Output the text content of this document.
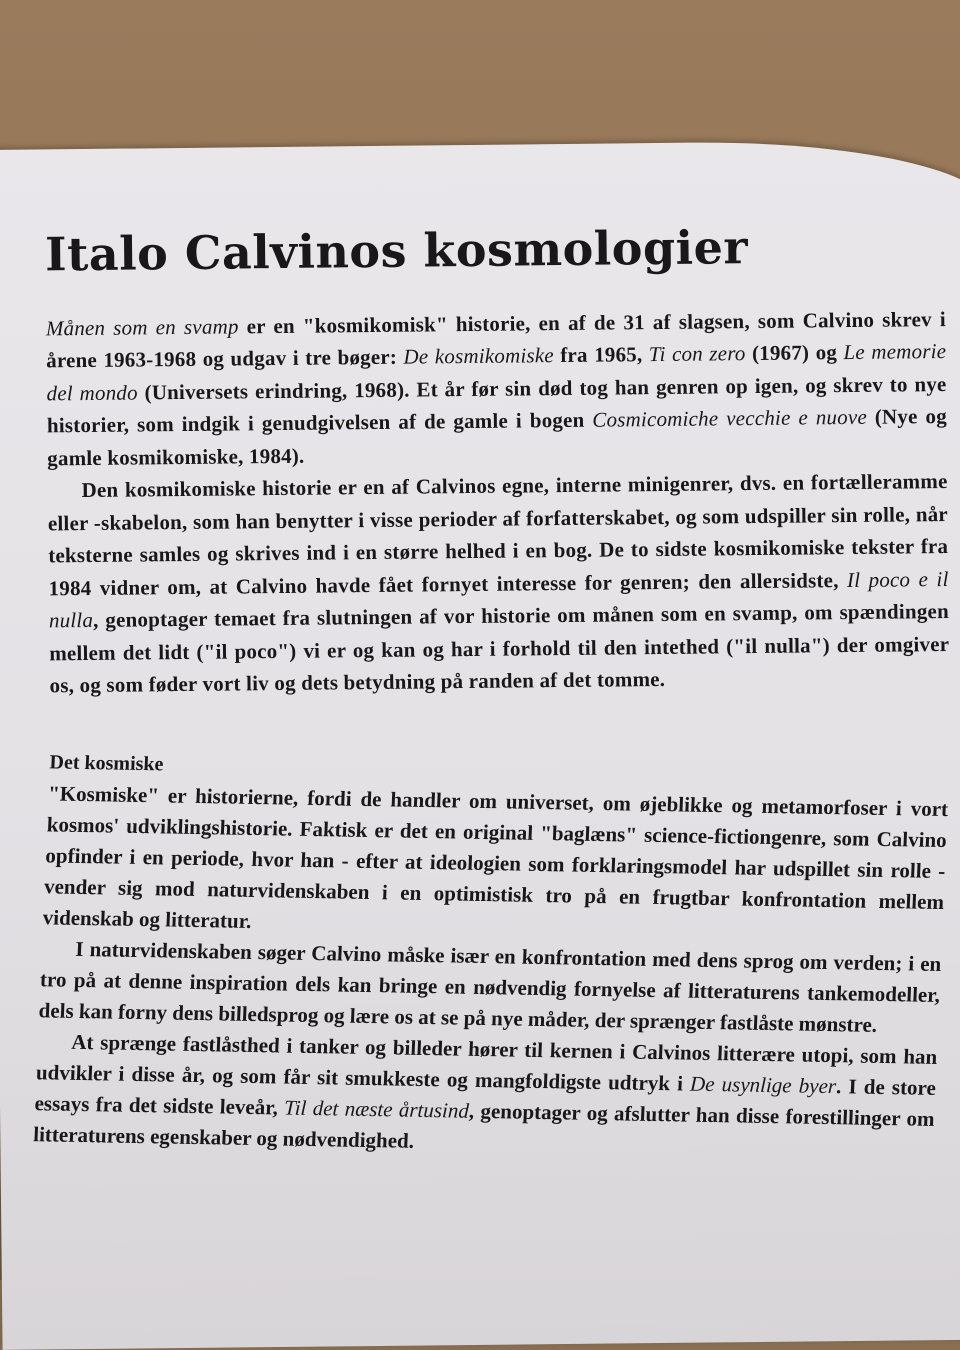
Italo Calvinos kosmologier

Månen som en svamp er en "kosmikomisk" historie, en af de 31 af slagsen, som Calvino skrev i årene 1963-1968 og udgav i tre bøger: De kosmikomiske fra 1965, Ti con zero (1967) og Le memorie del mondo (Universets erindring, 1968). Et år før sin død tog han genren op igen, og skrev to nye historier, som indgik i genudgivelsen af de gamle i bogen Cosmicomiche vecchie e nuove (Nye og gamle kosmikomiske, 1984).

Den kosmikomiske historie er en af Calvinos egne, interne minigenrer, dvs. en fortælleramme eller -skabelon, som han benytter i visse perioder af forfatterskabet, og som udspiller sin rolle, når teksterne samles og skrives ind i en større helhed i en bog. De to sidste kosmikomiske tekster fra 1984 vidner om, at Calvino havde fået fornyet interesse for genren; den allersidste, Il poco e il nulla, genoptager temaet fra slutningen af vor historie om månen som en svamp, om spændingen mellem det lidt ("il poco") vi er og kan og har i forhold til den intethed ("il nulla") der omgiver os, og som føder vort liv og dets betydning på randen af det tomme.

Det kosmiske

"Kosmiske" er historierne, fordi de handler om universet, om øjeblikke og metamorfoser i vort kosmos' udviklingshistorie. Faktisk er det en original "baglæns" science-fictiongenre, som Calvino opfinder i en periode, hvor han - efter at ideologien som forklaringsmodel har udspillet sin rolle - vender sig mod naturvidenskaben i en optimistisk tro på en frugtbar konfrontation mellem videnskab og litteratur.

I naturvidenskaben søger Calvino måske især en konfrontation med dens sprog om verden; i en tro på at denne inspiration dels kan bringe en nødvendig fornyelse af litteraturens tankemodeller, dels kan forny dens billedsprog og lære os at se på nye måder, der sprænger fastlåste mønstre.

At sprænge fastlåsthed i tanker og billeder hører til kernen i Calvinos litterære utopi, som han udvikler i disse år, og som får sit smukkeste og mangfoldigste udtryk i De usynlige byer. I de store essays fra det sidste leveår, Til det næste årtusind, genoptager og afslutter han disse forestillinger om litteraturens egenskaber og nødvendighed.
